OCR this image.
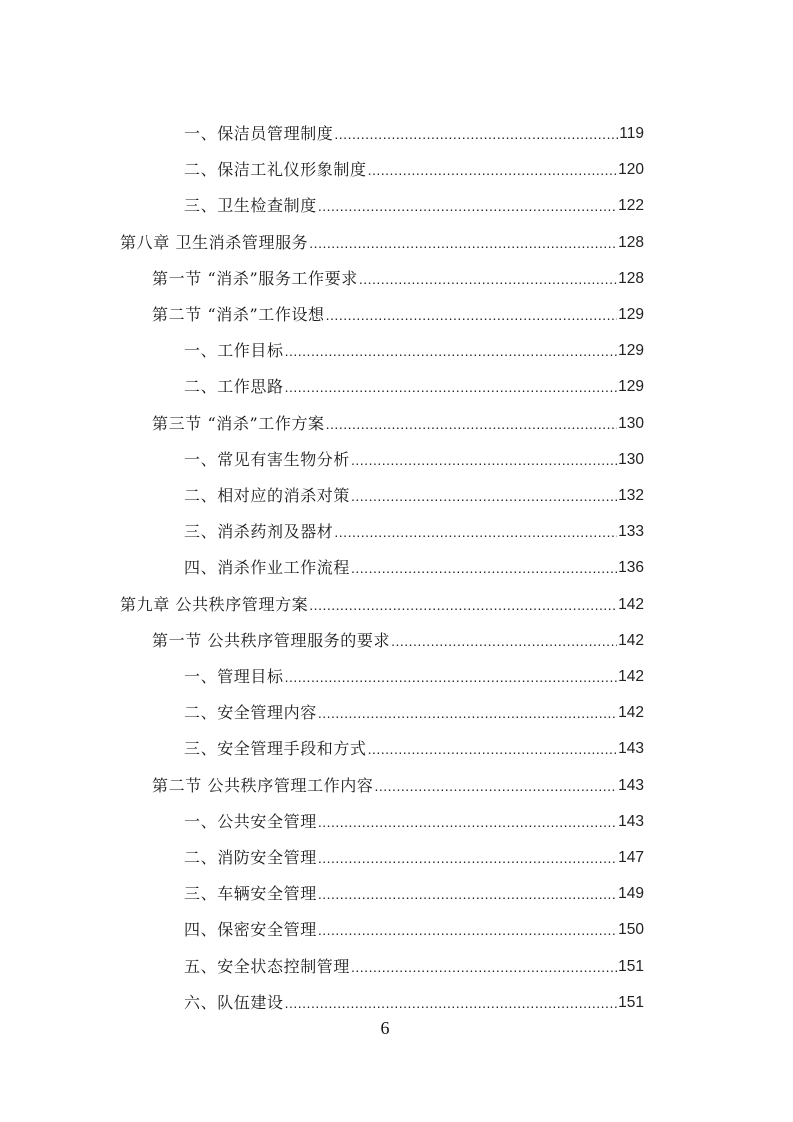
一、保洁员管理制度 .....	119
二、保洁工礼仪形象制度 .....	120
三、卫生检查制度 .....	122
第八章 卫生消杀管理服务 .....	128
第一节 “消杀”服务工作要求 .....	128
第二节 “消杀”工作设想 .....	129
一、工作目标 .....	129
二、工作思路 .....	129
第三节 “消杀”工作方案 .....	130
一、常见有害生物分析 .....	130
二、相对应的消杀对策 .....	132
三、消杀药剂及器材 .....	133
四、消杀作业工作流程 .....	136
第九章 公共秩序管理方案 .....	142
第一节 公共秩序管理服务的要求 .....	142
一、管理目标 .....	142
二、安全管理内容 .....	142
三、安全管理手段和方式 .....	143
第二节 公共秩序管理工作内容 .....	143
一、公共安全管理 .....	143
二、消防安全管理 .....	147
三、车辆安全管理 .....	149
四、保密安全管理 .....	150
五、安全状态控制管理 .....	151
六、队伍建设 .....	151
6
